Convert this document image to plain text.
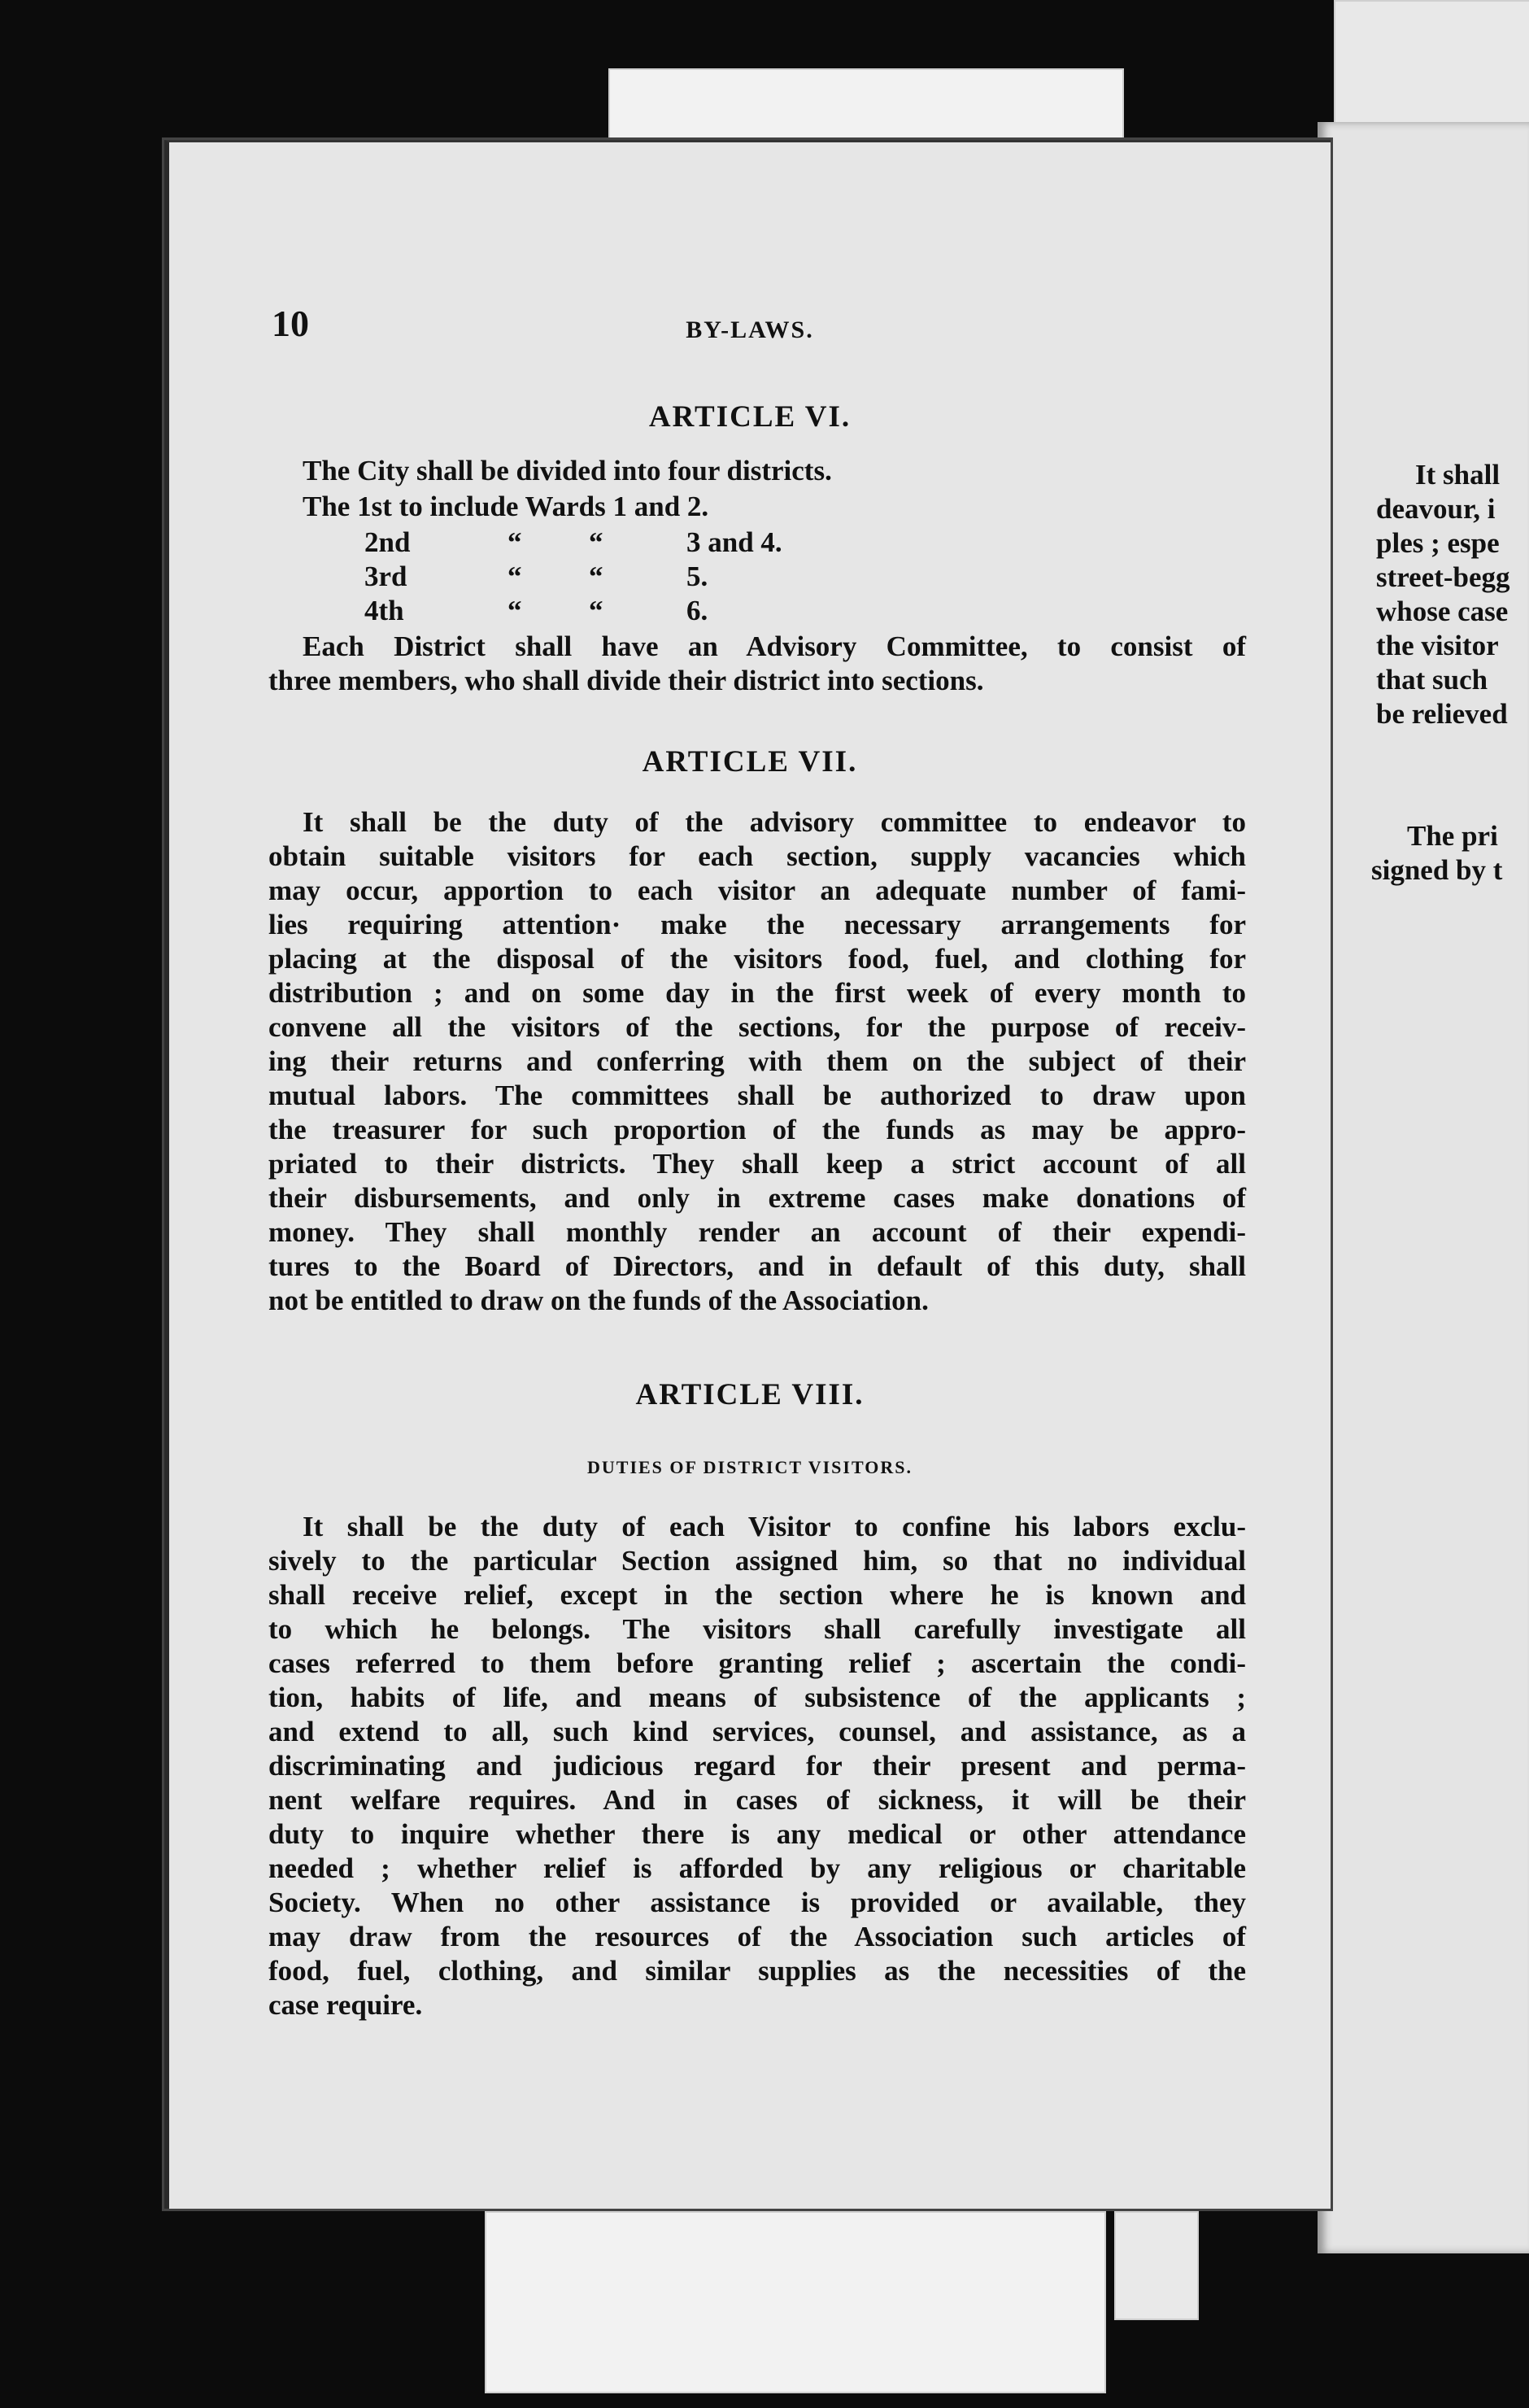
It shall
deavour, i
ples ; espe
street-begg
whose case
the visitor
that such
be relieved
The pri
signed by t
10	BY-LAWS.
ARTICLE VI.
The City shall be divided into four districts.
The 1st to include Wards 1 and 2.
2nd	“ “	3 and 4.
3rd	“ “	5.
4th	“ “	6.
Each District shall have an Advisory Committee, to consist of
three members, who shall divide their district into sections.
ARTICLE VII.
It shall be the duty of the advisory committee to endeavor to
obtain suitable visitors for each section, supply vacancies which
may occur, apportion to each visitor an adequate number of fami-
lies requiring attention· make the necessary arrangements for
placing at the disposal of the visitors food, fuel, and clothing for
distribution ; and on some day in the first week of every month to
convene all the visitors of the sections, for the purpose of receiv-
ing their returns and conferring with them on the subject of their
mutual labors. The committees shall be authorized to draw upon
the treasurer for such proportion of the funds as may be appro-
priated to their districts. They shall keep a strict account of all
their disbursements, and only in extreme cases make donations of
money. They shall monthly render an account of their expendi-
tures to the Board of Directors, and in default of this duty, shall
not be entitled to draw on the funds of the Association.
ARTICLE VIII.
DUTIES OF DISTRICT VISITORS.
It shall be the duty of each Visitor to confine his labors exclu-
sively to the particular Section assigned him, so that no individual
shall receive relief, except in the section where he is known and
to which he belongs. The visitors shall carefully investigate all
cases referred to them before granting relief ; ascertain the condi-
tion, habits of life, and means of subsistence of the applicants ;
and extend to all, such kind services, counsel, and assistance, as a
discriminating and judicious regard for their present and perma-
nent welfare requires. And in cases of sickness, it will be their
duty to inquire whether there is any medical or other attendance
needed ; whether relief is afforded by any religious or charitable
Society. When no other assistance is provided or available, they
may draw from the resources of the Association such articles of
food, fuel, clothing, and similar supplies as the necessities of the
case require.
